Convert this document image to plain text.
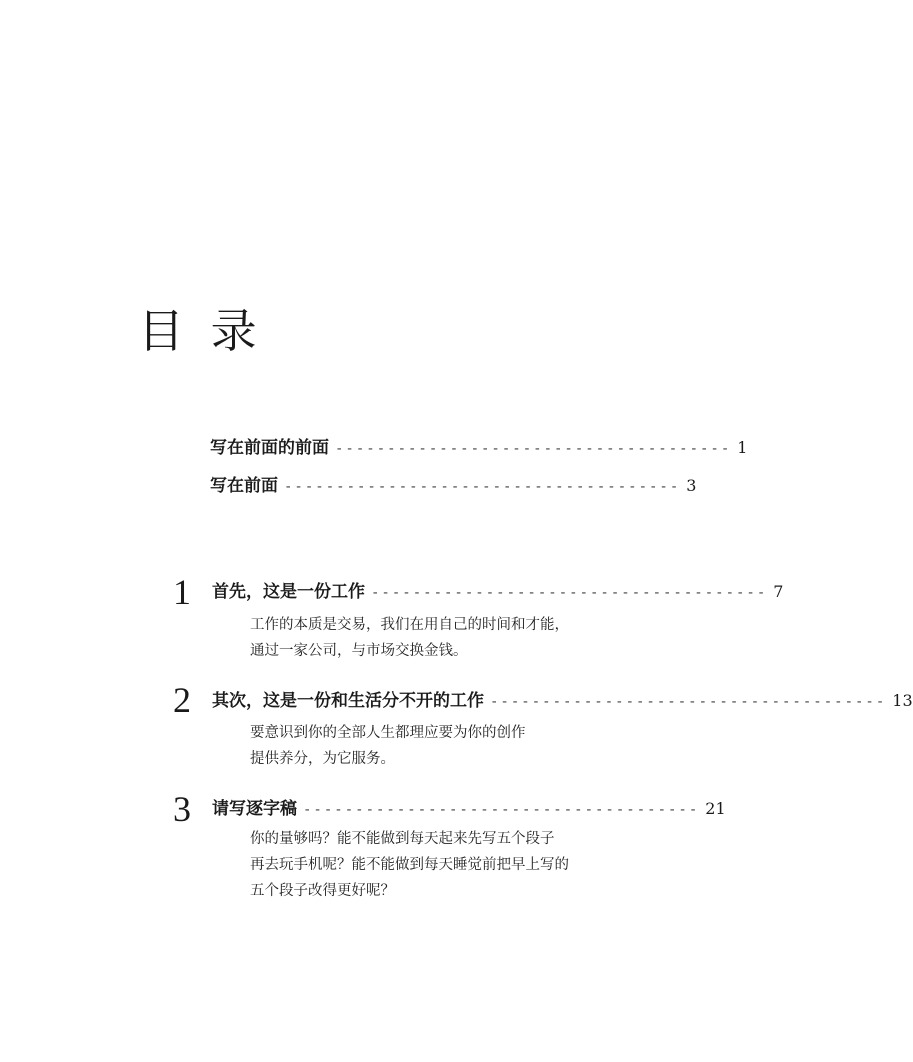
目 录
写在前面的前面 -------------------------------------- 1
写在前面 -------------------------------------- 3
1 首先，这是一份工作 -------------------------------------- 7
工作的本质是交易，我们在用自己的时间和才能，
通过一家公司，与市场交换金钱。
2 其次，这是一份和生活分不开的工作 -------------------------------------- 13
要意识到你的全部人生都理应要为你的创作
提供养分，为它服务。
3 请写逐字稿 -------------------------------------- 21
你的量够吗？能不能做到每天起来先写五个段子
再去玩手机呢？能不能做到每天睡觉前把早上写的
五个段子改得更好呢？
